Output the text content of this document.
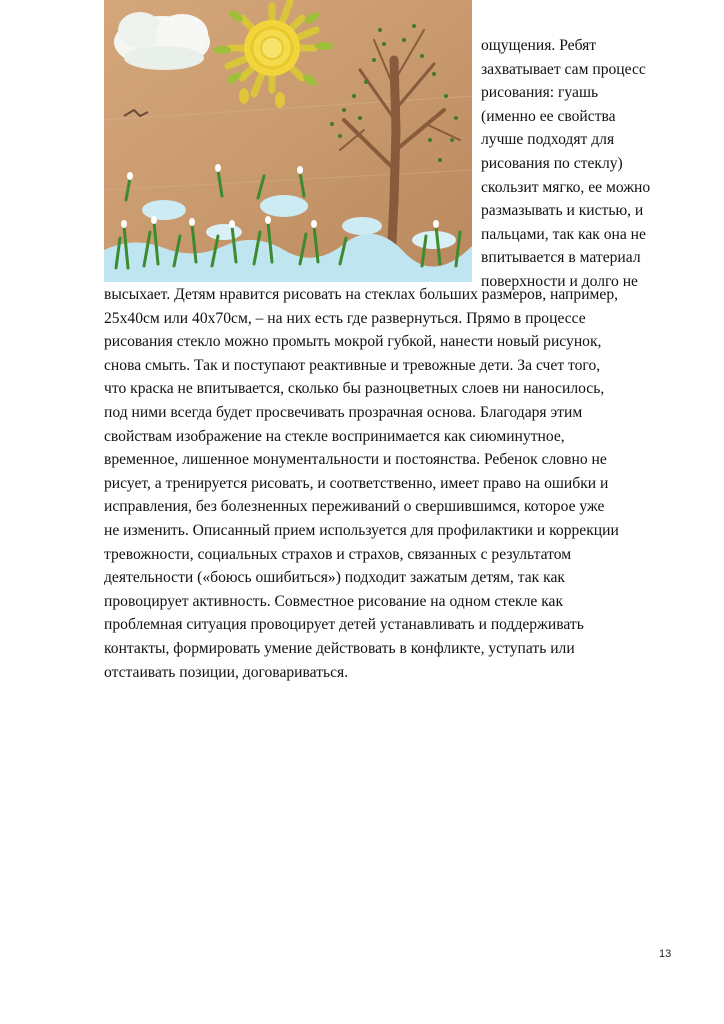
ощущения. Ребят
захватывает сам процесс
рисования: гуашь
(именно ее свойства
лучше подходят для
рисования по стеклу)
скользит мягко, ее можно
размазывать и кистью, и
пальцами, так как она не
впитывается в материал
поверхности и долго не
высыхает. Детям нравится рисовать на стеклах больших размеров, например,
25х40см или 40х70см, – на них есть где развернуться. Прямо в процессе
рисования стекло можно промыть мокрой губкой, нанести новый рисунок,
снова смыть. Так и поступают реактивные и тревожные дети. За счет того,
что краска не впитывается, сколько бы разноцветных слоев ни наносилось,
под ними всегда будет просвечивать прозрачная основа. Благодаря этим
свойствам изображение на стекле воспринимается как сиюминутное,
временное, лишенное монументальности и постоянства. Ребенок словно не
рисует, а тренируется рисовать, и соответственно, имеет право на ошибки и
исправления, без болезненных переживаний о свершившимся, которое уже
не изменить. Описанный прием используется для профилактики и коррекции
тревожности, социальных страхов и страхов, связанных с результатом
деятельности («боюсь ошибиться») подходит зажатым детям, так как
провоцирует активность. Совместное рисование на одном стекле как
проблемная ситуация провоцирует детей устанавливать и поддерживать
контакты, формировать умение действовать в конфликте, уступать или
отстаивать позиции, договариваться.
13
